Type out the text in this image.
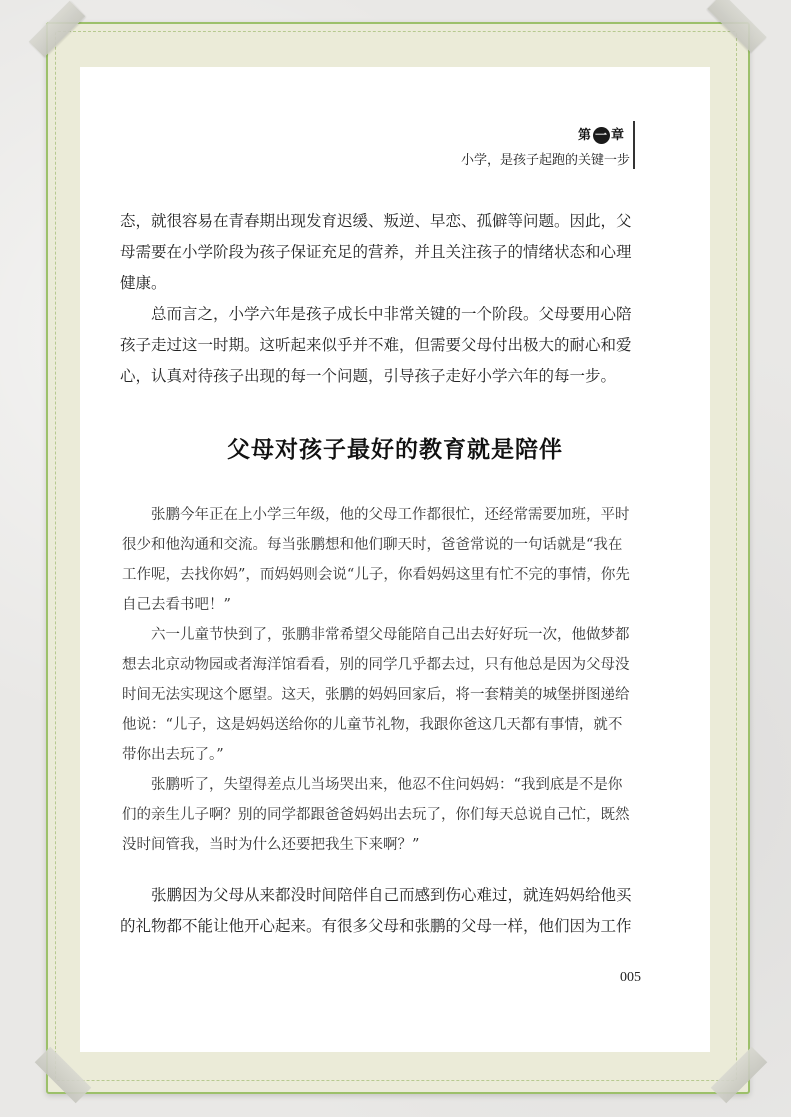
第 一 章
小学，是孩子起跑的关键一步

态，就很容易在青春期出现发育迟缓、叛逆、早恋、孤僻等问题。因此，父母需要在小学阶段为孩子保证充足的营养，并且关注孩子的情绪状态和心理健康。

总而言之，小学六年是孩子成长中非常关键的一个阶段。父母要用心陪孩子走过这一时期。这听起来似乎并不难，但需要父母付出极大的耐心和爱心，认真对待孩子出现的每一个问题，引导孩子走好小学六年的每一步。

父母对孩子最好的教育就是陪伴

张鹏今年正在上小学三年级，他的父母工作都很忙，还经常需要加班，平时很少和他沟通和交流。每当张鹏想和他们聊天时，爸爸常说的一句话就是“我在工作呢，去找你妈”，而妈妈则会说“儿子，你看妈妈这里有忙不完的事情，你先自己去看书吧！”

六一儿童节快到了，张鹏非常希望父母能陪自己出去好好玩一次，他做梦都想去北京动物园或者海洋馆看看，别的同学几乎都去过，只有他总是因为父母没时间无法实现这个愿望。这天，张鹏的妈妈回家后，将一套精美的城堡拼图递给他说：“儿子，这是妈妈送给你的儿童节礼物，我跟你爸这几天都有事情，就不带你出去玩了。”

张鹏听了，失望得差点儿当场哭出来，他忍不住问妈妈：“我到底是不是你们的亲生儿子啊？别的同学都跟爸爸妈妈出去玩了，你们每天总说自己忙，既然没时间管我，当时为什么还要把我生下来啊？”

张鹏因为父母从来都没时间陪伴自己而感到伤心难过，就连妈妈给他买的礼物都不能让他开心起来。有很多父母和张鹏的父母一样，他们因为工作

005
